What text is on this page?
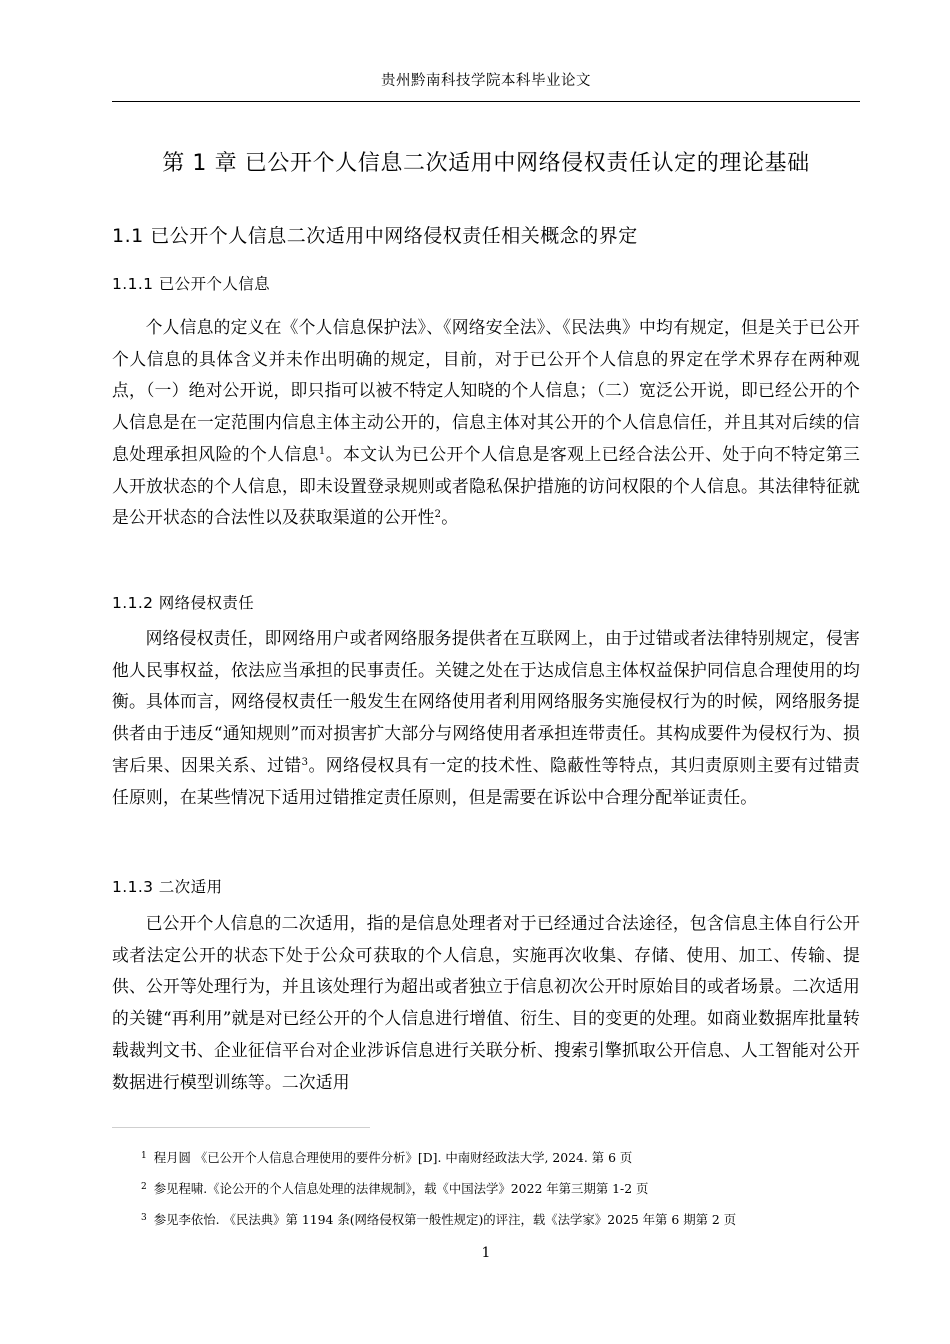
贵州黔南科技学院本科毕业论文
第 1 章 已公开个人信息二次适用中网络侵权责任认定的理论基础
1.1 已公开个人信息二次适用中网络侵权责任相关概念的界定
1.1.1 已公开个人信息

个人信息的定义在《个人信息保护法》、《网络安全法》、《民法典》中均有规定，但是关于已公开个人信息的具体含义并未作出明确的规定，目前，对于已公开个人信息的界定在学术界存在两种观点，（一）绝对公开说，即只指可以被不特定人知晓的个人信息；（二）宽泛公开说，即已经公开的个人信息是在一定范围内信息主体主动公开的，信息主体对其公开的个人信息信任，并且其对后续的信息处理承担风险的个人信息$^1$。本文认为已公开个人信息是客观上已经合法公开、处于向不特定第三人开放状态的个人信息，即未设置登录规则或者隐私保护措施的访问权限的个人信息。其法律特征就是公开状态的合法性以及获取渠道的公开性$^2$。

1.1.2 网络侵权责任

网络侵权责任，即网络用户或者网络服务提供者在互联网上，由于过错或者法律特别规定，侵害他人民事权益，依法应当承担的民事责任。关键之处在于达成信息主体权益保护同信息合理使用的均衡。具体而言，网络侵权责任一般发生在网络使用者利用网络服务实施侵权行为的时候，网络服务提供者由于违反“通知规则”而对损害扩大部分与网络使用者承担连带责任。其构成要件为侵权行为、损害后果、因果关系、过错$^3$。网络侵权具有一定的技术性、隐蔽性等特点，其归责原则主要有过错责任原则，在某些情况下适用过错推定责任原则，但是需要在诉讼中合理分配举证责任。

1.1.3 二次适用

已公开个人信息的二次适用，指的是信息处理者对于已经通过合法途径，包含信息主体自行公开或者法定公开的状态下处于公众可获取的个人信息，实施再次收集、存储、使用、加工、传输、提供、公开等处理行为，并且该处理行为超出或者独立于信息初次公开时原始目的或者场景。二次适用的关键“再利用”就是对已经公开的个人信息进行增值、衍生、目的变更的处理。如商业数据库批量转载裁判文书、企业征信平台对企业涉诉信息进行关联分析、搜索引擎抓取公开信息、人工智能对公开数据进行模型训练等。二次适用

$^1$ 程月圆 《已公开个人信息合理使用的要件分析》[D]. 中南财经政法大学, 2024. 第 6 页
$^2$ 参见程啸.《论公开的个人信息处理的法律规制》，载《中国法学》2022 年第三期第 1-2 页
$^3$ 参见李依怡. 《民法典》第 1194 条(网络侵权第一般性规定)的评注，载《法学家》2025 年第 6 期第 2 页
1
